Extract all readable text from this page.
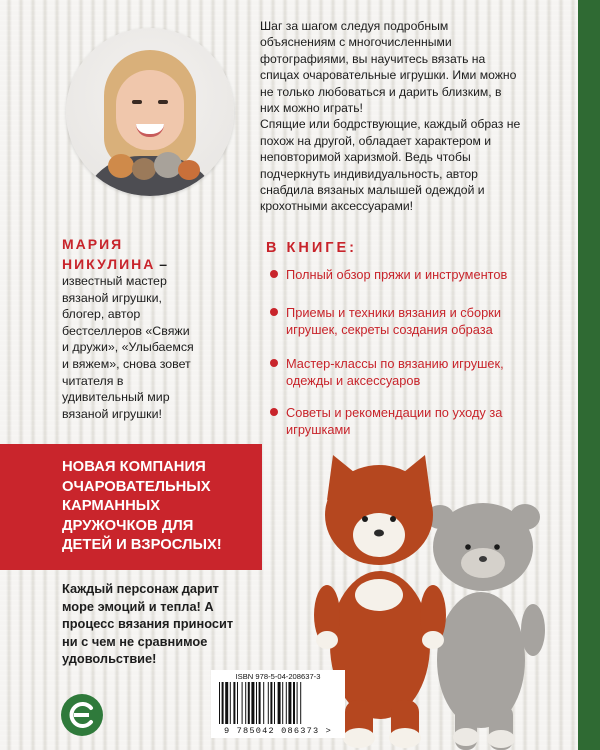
Шаг за шагом следуя подробным
объяснениям с многочисленными
фотографиями, вы научитесь вязать на
спицах очаровательные игрушки. Ими можно
не только любоваться и дарить близким, в
них можно играть!

Спящие или бодрствующие, каждый образ не
похож на другой, обладает характером и
неповторимой харизмой. Ведь чтобы
подчеркнуть индивидуальность, автор
снабдила вязаных малышей одеждой и
крохотными аксессуарами!

МАРИЯ
НИКУЛИНА –

известный мастер
вязаной игрушки,
блогер, автор
бестселлеров «Свяжи
и дружи», «Улыбаемся
и вяжем», снова зовет
читателя в
удивительный мир
вязаной игрушки!

В КНИГЕ:
Полный обзор пряжи и инструментов
Приемы и техники вязания и сборки
игрушек, секреты создания образа
Мастер-классы по вязанию игрушек,
одежды и аксессуаров
Советы и рекомендации по уходу за
игрушками
НОВАЯ КОМПАНИЯ
ОЧАРОВАТЕЛЬНЫХ
КАРМАННЫХ
ДРУЖОЧКОВ ДЛЯ
ДЕТЕЙ И ВЗРОСЛЫХ!

Каждый персонаж дарит
море эмоций и тепла! А
процесс вязания приносит
ни с чем не сравнимое
удовольствие!

ISBN 978-5-04-208637-3
9 785042 086373 >
